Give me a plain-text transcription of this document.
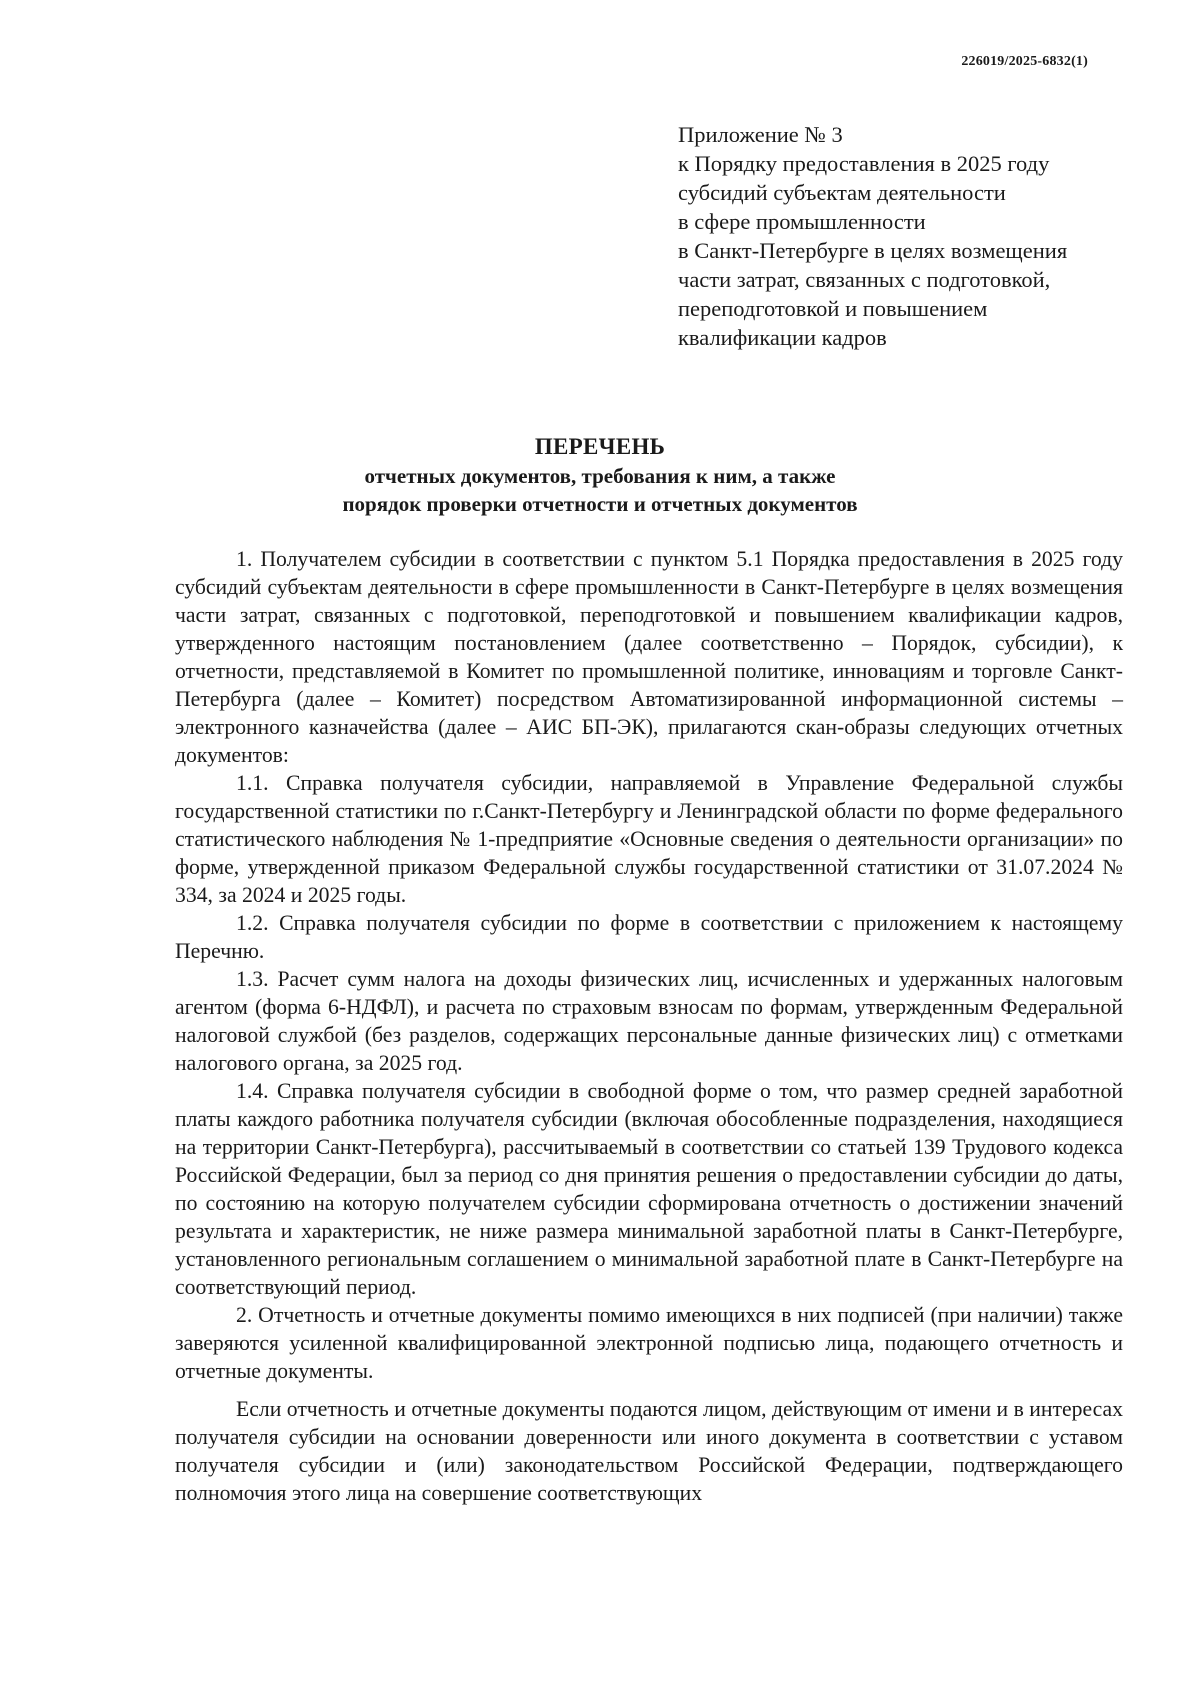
226019/2025-6832(1)
Приложение № 3
к Порядку предоставления в 2025 году
субсидий субъектам деятельности
в сфере промышленности
в Санкт-Петербурге в целях возмещения
части затрат, связанных с подготовкой,
переподготовкой и повышением
квалификации кадров
ПЕРЕЧЕНЬ
отчетных документов, требования к ним, а также
порядок проверки отчетности и отчетных документов

1. Получателем субсидии в соответствии с пунктом 5.1 Порядка предоставления в 2025 году субсидий субъектам деятельности в сфере промышленности в Санкт-Петербурге в целях возмещения части затрат, связанных с подготовкой, переподготовкой и повышением квалификации кадров, утвержденного настоящим постановлением (далее соответственно – Порядок, субсидии), к отчетности, представляемой в Комитет по промышленной политике, инновациям и торговле Санкт-Петербурга (далее – Комитет) посредством Автоматизированной информационной системы – электронного казначейства (далее – АИС БП-ЭК), прилагаются скан-образы следующих отчетных документов:

1.1. Справка получателя субсидии, направляемой в Управление Федеральной службы государственной статистики по г.Санкт-Петербургу и Ленинградской области по форме федерального статистического наблюдения № 1-предприятие «Основные сведения о деятельности организации» по форме, утвержденной приказом Федеральной службы государственной статистики от 31.07.2024 № 334, за 2024 и 2025 годы.

1.2. Справка получателя субсидии по форме в соответствии с приложением к настоящему Перечню.

1.3. Расчет сумм налога на доходы физических лиц, исчисленных и удержанных налоговым агентом (форма 6-НДФЛ), и расчета по страховым взносам по формам, утвержденным Федеральной налоговой службой (без разделов, содержащих персональные данные физических лиц) с отметками налогового органа, за 2025 год.

1.4. Справка получателя субсидии в свободной форме о том, что размер средней заработной платы каждого работника получателя субсидии (включая обособленные подразделения, находящиеся на территории Санкт-Петербурга), рассчитываемый в соответствии со статьей 139 Трудового кодекса Российской Федерации, был за период со дня принятия решения о предоставлении субсидии до даты, по состоянию на которую получателем субсидии сформирована отчетность о достижении значений результата и характеристик, не ниже размера минимальной заработной платы в Санкт-Петербурге, установленного региональным соглашением о минимальной заработной плате в Санкт-Петербурге на соответствующий период.

2. Отчетность и отчетные документы помимо имеющихся в них подписей (при наличии) также заверяются усиленной квалифицированной электронной подписью лица, подающего отчетность и отчетные документы.

Если отчетность и отчетные документы подаются лицом, действующим от имени и в интересах получателя субсидии на основании доверенности или иного документа в соответствии с уставом получателя субсидии и (или) законодательством Российской Федерации, подтверждающего полномочия этого лица на совершение соответствующих
